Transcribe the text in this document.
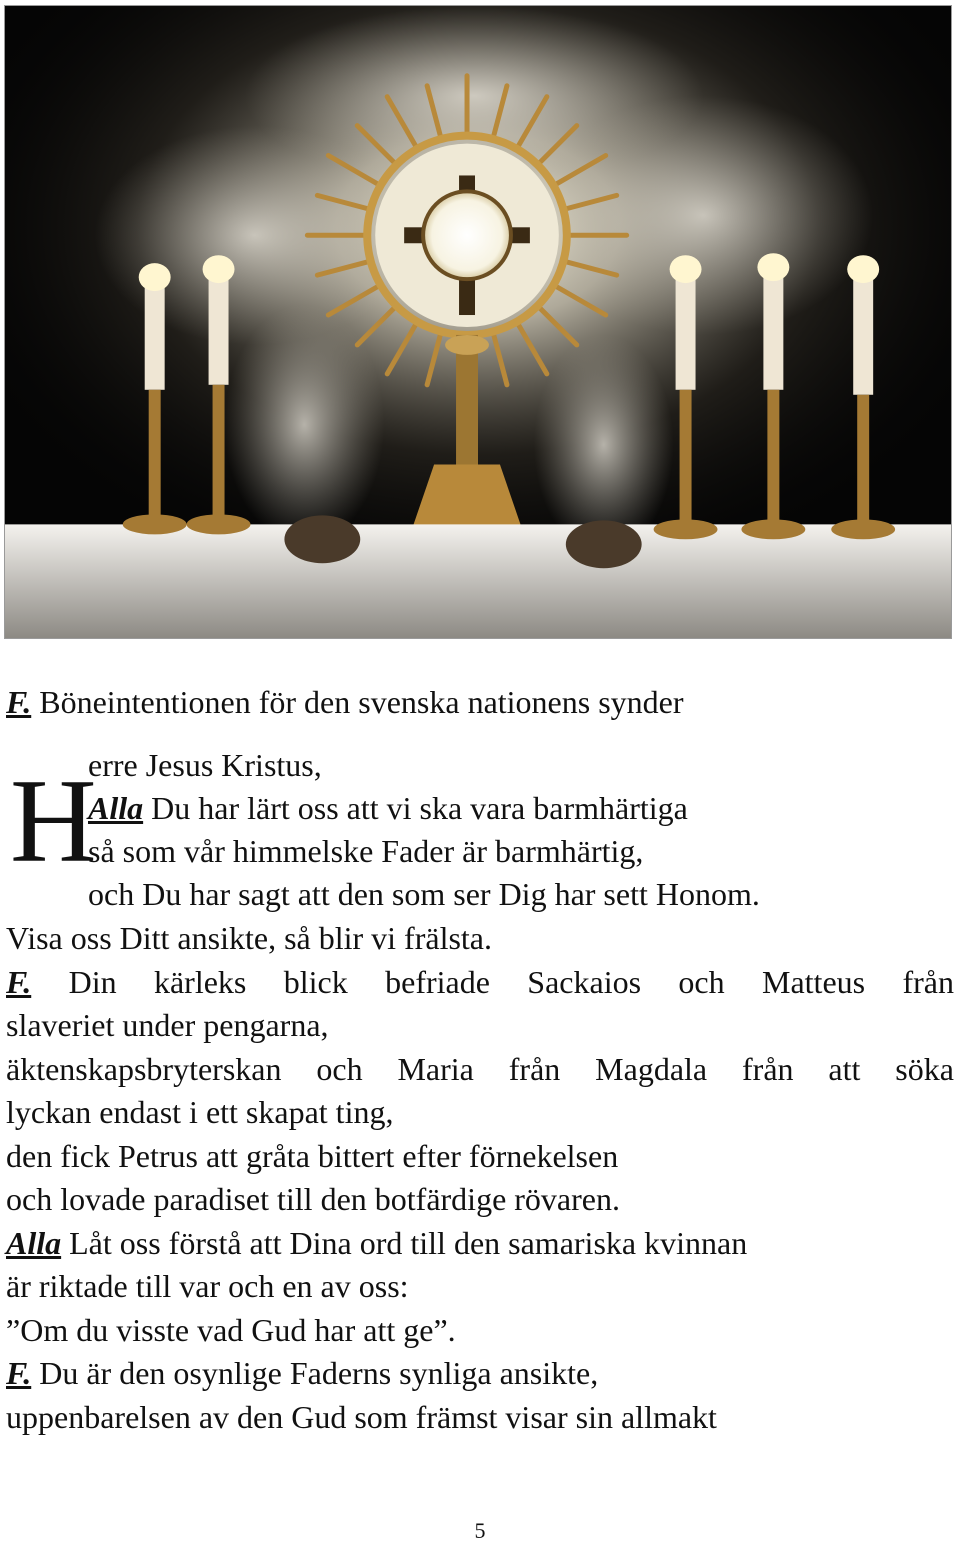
F. Böneintentionen för den svenska nationens synder
H
erre Jesus Kristus,
Alla Du har lärt oss att vi ska vara barmhärtiga
så som vår himmelske Fader är barmhärtig,
och Du har sagt att den som ser Dig har sett Honom.
Visa oss Ditt ansikte, så blir vi frälsta.
F. Din kärleks blick befriade Sackaios och Matteus från
slaveriet under pengarna,
äktenskapsbryterskan och Maria från Magdala från att söka
lyckan endast i ett skapat ting,
den fick Petrus att gråta bittert efter förnekelsen
och lovade paradiset till den botfärdige rövaren.
Alla Låt oss förstå att Dina ord till den samariska kvinnan
är riktade till var och en av oss:
”Om du visste vad Gud har att ge”.
F. Du är den osynlige Faderns synliga ansikte,
uppenbarelsen av den Gud som främst visar sin allmakt
5
